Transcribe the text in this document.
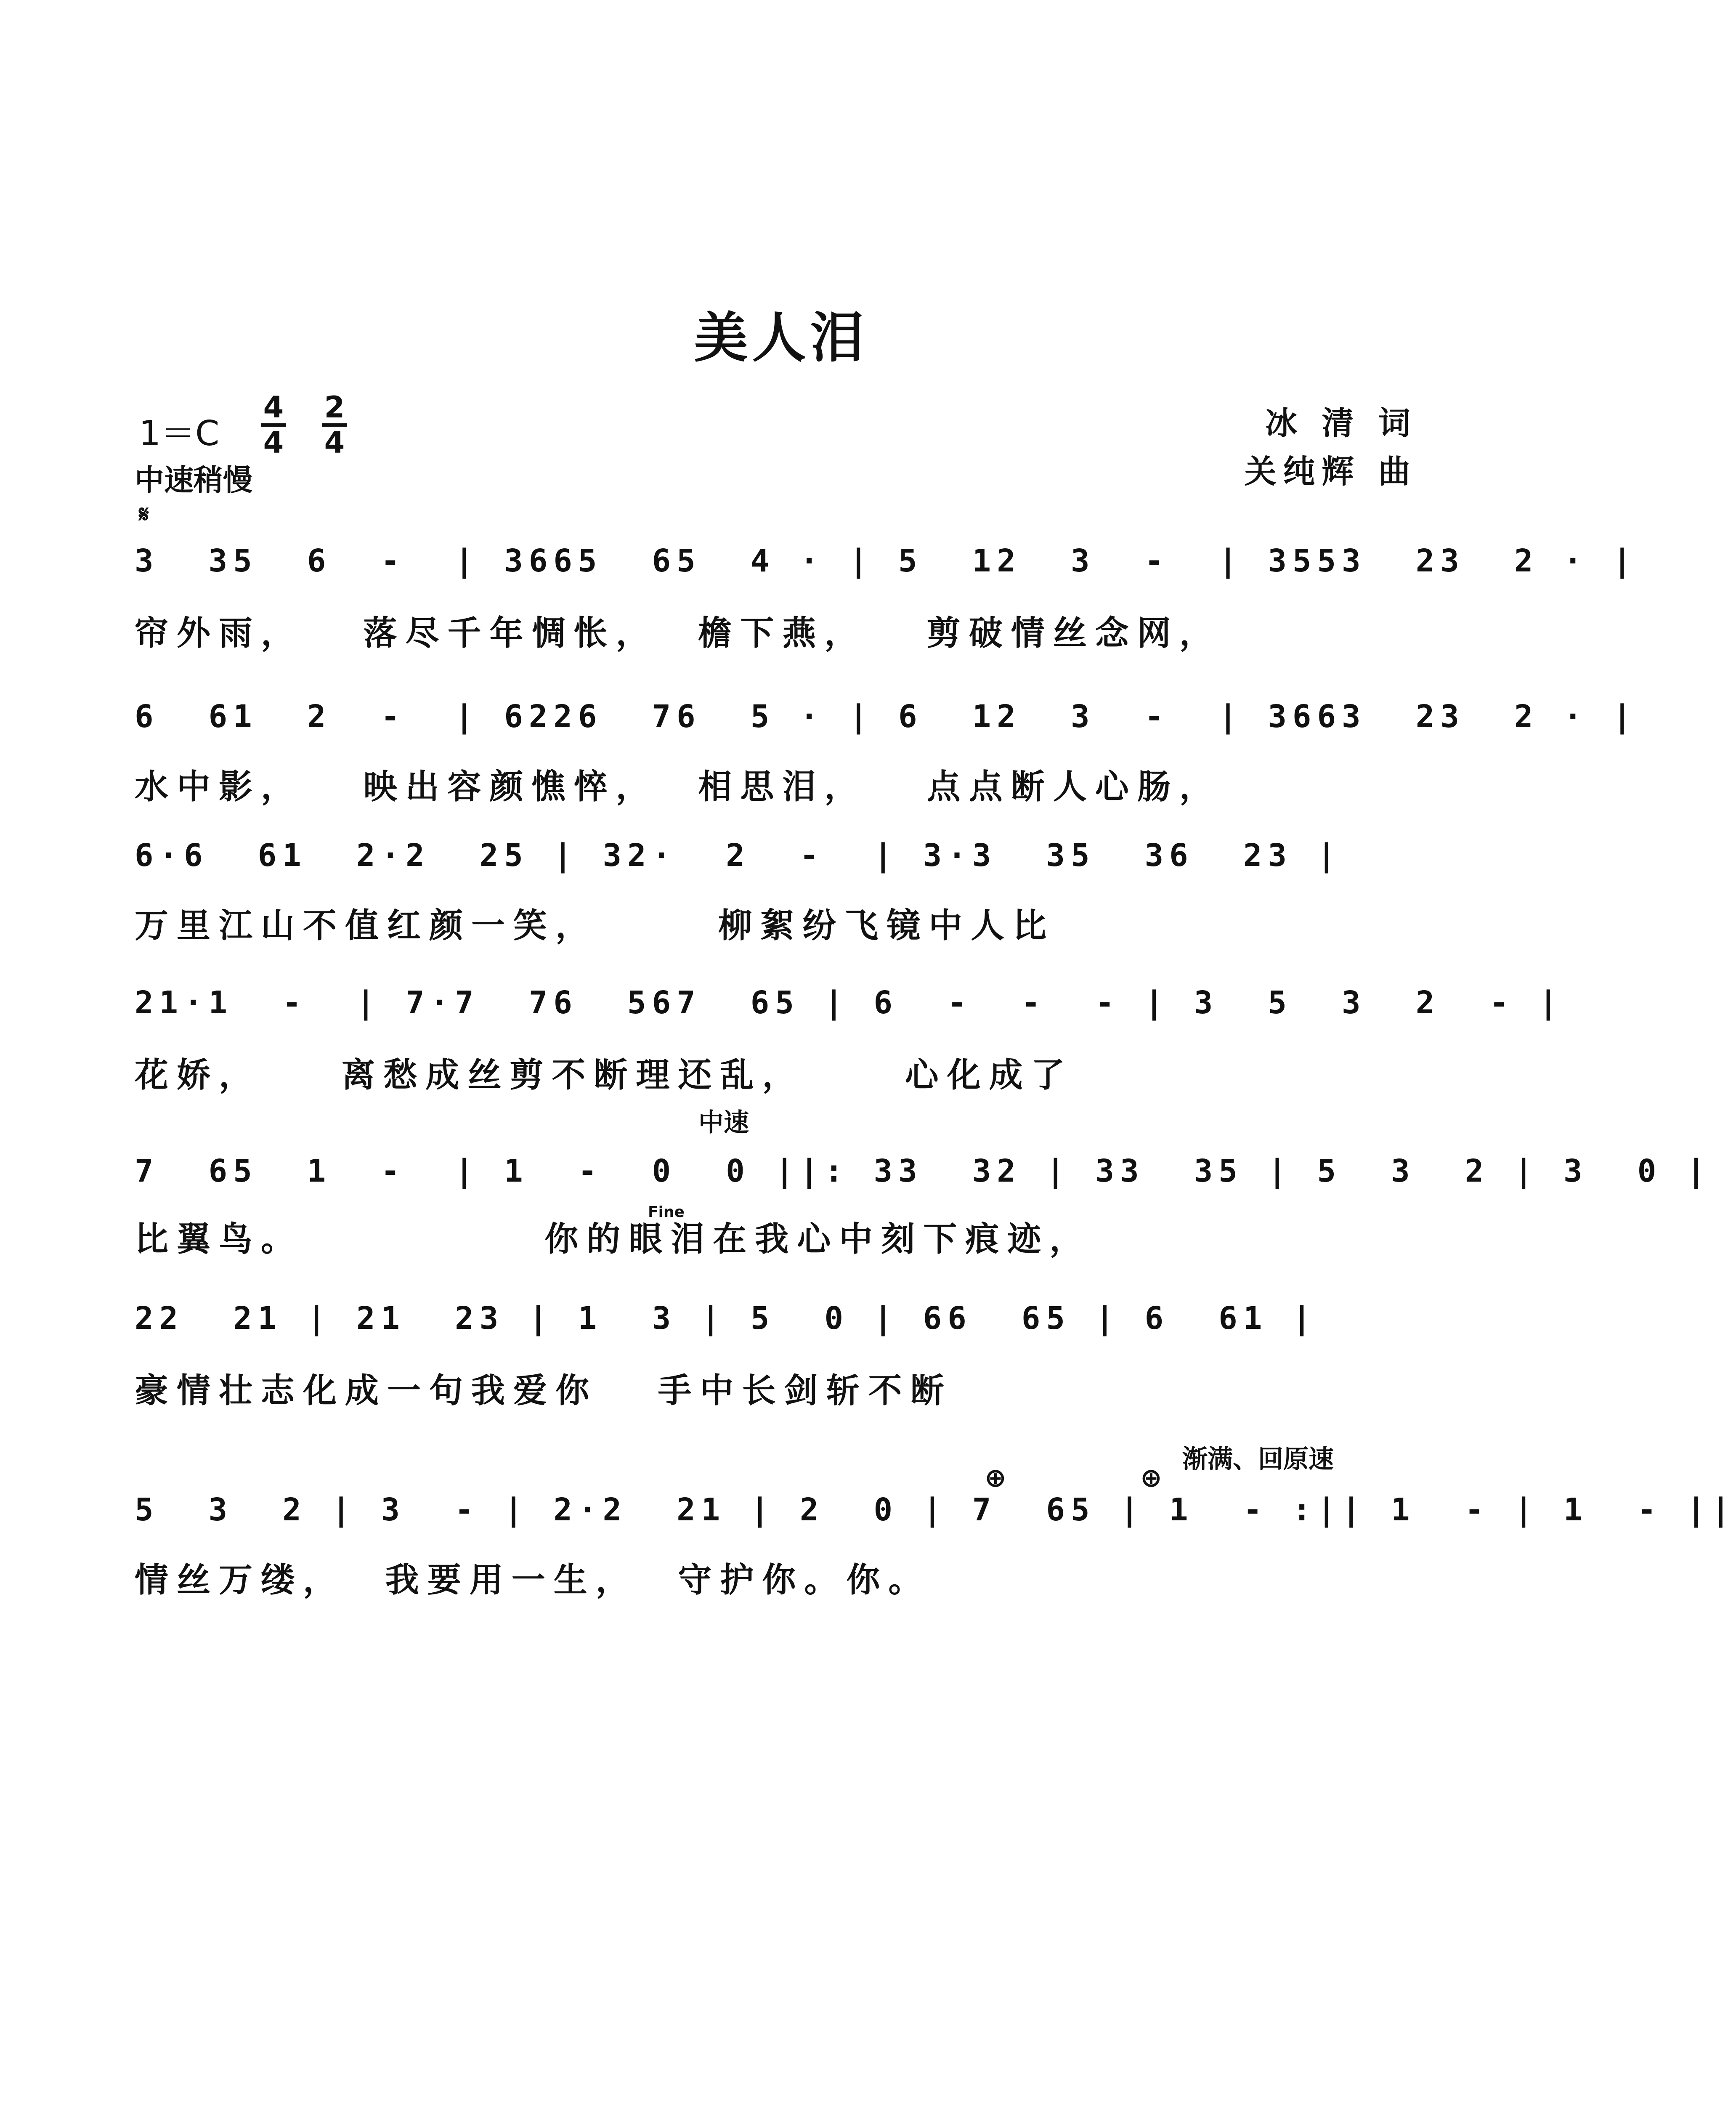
美人泪
1＝C
4
4
2
4
中速稍慢
𝄋
冰 清 词
关纯辉 曲
3  35  6  -  | 3665  65  4 · | 5  12  3  -  | 3553  23  2 · |
帘外雨，   落尽千年惆怅，  檐下燕，   剪破情丝念网，
6  61  2  -  | 6226  76  5 · | 6  12  3  -  | 3663  23  2 · |
水中影，   映出容颜憔悴，  相思泪，   点点断人心肠，
6·6  61  2·2  25 | 32·  2  -  | 3·3  35  36  23 |
万里江山不值红颜一笑，      柳絮纷飞镜中人比
21·1  -  | 7·7  76  567  65 | 6  -  -  - | 3  5  3  2  - |
花娇，    离愁成丝剪不断理还乱，     心化成了
中速
7  65  1  -  | 1  -  0  0 ||: 33  32 | 33  35 | 5  3  2 | 3  0 |
Fine
比翼鸟。            你的眼泪在我心中刻下痕迹，
22  21 | 21  23 | 1  3 | 5  0 | 66  65 | 6  61 |
豪情壮志化成一句我爱你   手中长剑斩不断
渐满、回原速
⊕	⊕
5  3  2 | 3  - | 2·2  21 | 2  0 | 7  65 | 1  - :|| 1  - | 1  - ||
情丝万缕，  我要用一生，  守护你。你。
